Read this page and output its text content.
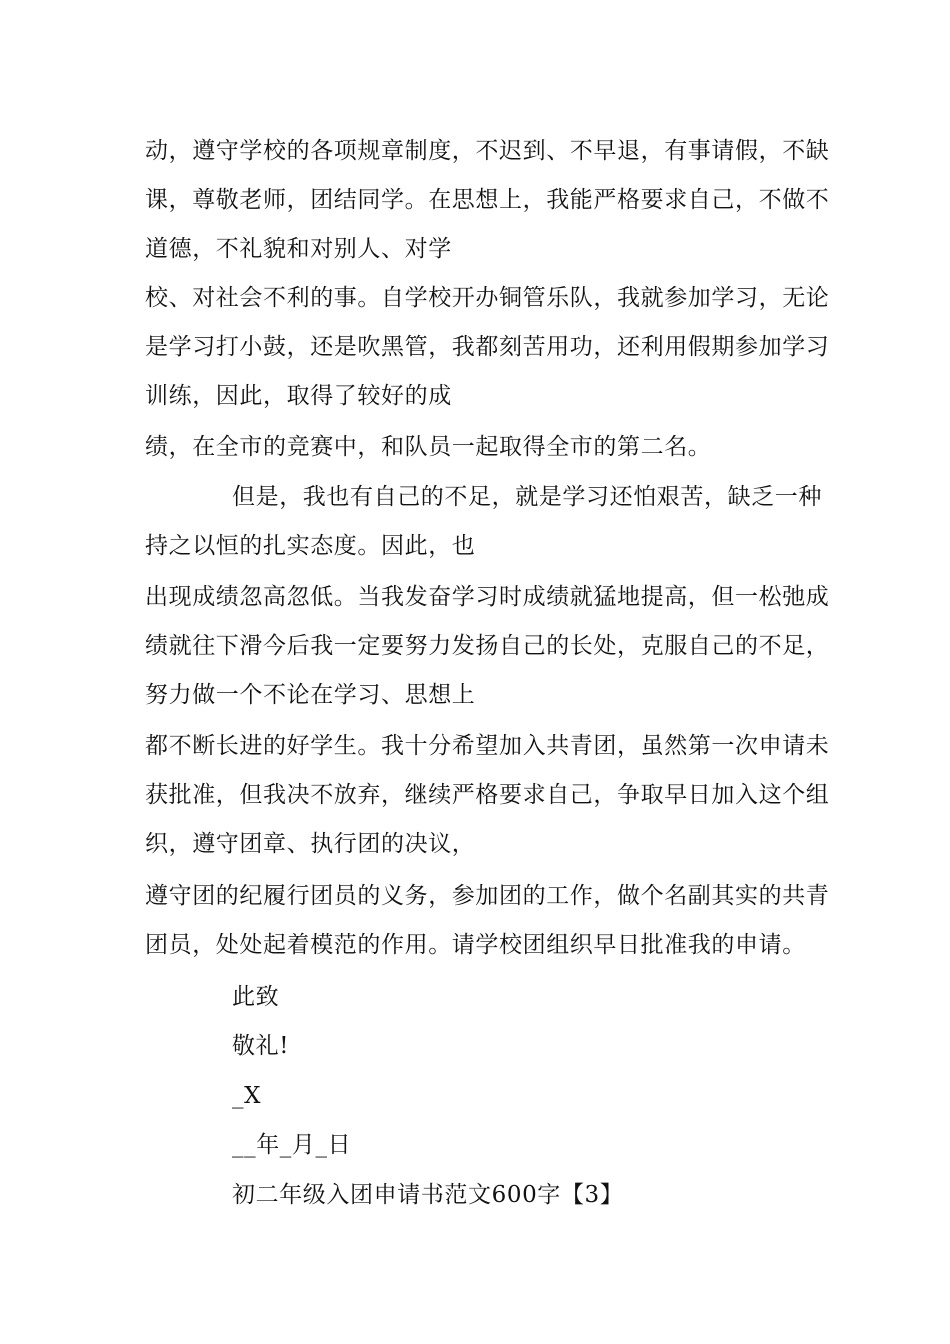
动，遵守学校的各项规章制度，不迟到、不早退，有事请假，不缺
课，尊敬老师，团结同学。在思想上，我能严格要求自己，不做不
道德，不礼貌和对别人、对学
校、对社会不利的事。自学校开办铜管乐队，我就参加学习，无论
是学习打小鼓，还是吹黑管，我都刻苦用功，还利用假期参加学习
训练，因此，取得了较好的成
绩，在全市的竞赛中，和队员一起取得全市的第二名。
但是，我也有自己的不足，就是学习还怕艰苦，缺乏一种
持之以恒的扎实态度。因此，也
出现成绩忽高忽低。当我发奋学习时成绩就猛地提高，但一松弛成
绩就往下滑今后我一定要努力发扬自己的长处，克服自己的不足，
努力做一个不论在学习、思想上
都不断长进的好学生。我十分希望加入共青团，虽然第一次申请未
获批准，但我决不放弃，继续严格要求自己，争取早日加入这个组
织，遵守团章、执行团的决议，
遵守团的纪履行团员的义务，参加团的工作，做个名副其实的共青
团员，处处起着模范的作用。请学校团组织早日批准我的申请。
此致
敬礼!
_X
__年_月_日
初二年级入团申请书范文600字【3】
